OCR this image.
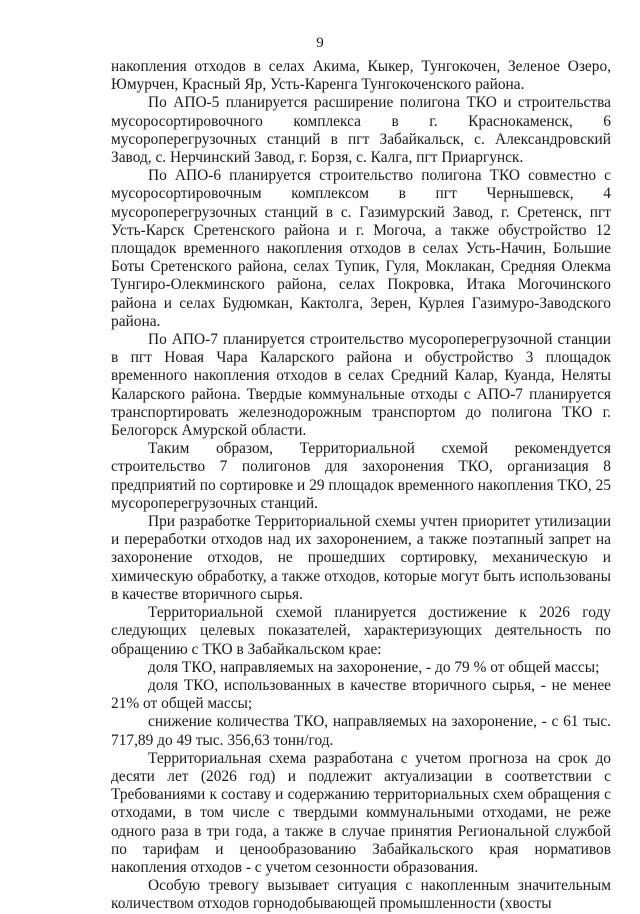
9

накопления отходов в селах Акима, Кыкер, Тунгокочен, Зеленое Озеро, Юмурчен, Красный Яр, Усть-Каренга Тунгокоченского района.

По АПО-5 планируется расширение полигона ТКО и строительства мусоросортировочного комплекса в г. Краснокаменск, 6 мусороперегрузочных станций в пгт Забайкальск, с. Александровский Завод, с. Нерчинский Завод, г. Борзя, с. Калга, пгт Приаргунск.

По АПО-6 планируется строительство полигона ТКО совместно с мусоросортировочным комплексом в пгт Чернышевск, 4 мусороперегрузочных станций в с. Газимурский Завод, г. Сретенск, пгт Усть-Карск Сретенского района и г. Могоча, а также обустройство 12 площадок временного накопления отходов в селах Усть-Начин, Большие Боты Сретенского района, селах Тупик, Гуля, Моклакан, Средняя Олекма Тунгиро-Олекминского района, селах Покровка, Итака Могочинского района и селах Будюмкан, Кактолга, Зерен, Курлея Газимуро-Заводского района.

По АПО-7 планируется строительство мусороперегрузочной станции в пгт Новая Чара Каларского района и обустройство 3 площадок временного накопления отходов в селах Средний Калар, Куанда, Неляты Каларского района. Твердые коммунальные отходы с АПО-7 планируется транспортировать железнодорожным транспортом до полигона ТКО г. Белогорск Амурской области.

Таким образом, Территориальной схемой рекомендуется строительство 7 полигонов для захоронения ТКО, организация 8 предприятий по сортировке и 29 площадок временного накопления ТКО, 25 мусороперегрузочных станций.

При разработке Территориальной схемы учтен приоритет утилизации и переработки отходов над их захоронением, а также поэтапный запрет на захоронение отходов, не прошедших сортировку, механическую и химическую обработку, а также отходов, которые могут быть использованы в качестве вторичного сырья.

Территориальной схемой планируется достижение к 2026 году следующих целевых показателей, характеризующих деятельность по обращению с ТКО в Забайкальском крае:

доля ТКО, направляемых на захоронение, - до 79 % от общей массы;

доля ТКО, использованных в качестве вторичного сырья, - не менее 21% от общей массы;

снижение количества ТКО, направляемых на захоронение, - с 61 тыс. 717,89 до 49 тыс. 356,63 тонн/год.

Территориальная схема разработана с учетом прогноза на срок до десяти лет (2026 год) и подлежит актуализации в соответствии с Требованиями к составу и содержанию территориальных схем обращения с отходами, в том числе с твердыми коммунальными отходами, не реже одного раза в три года, а также в случае принятия Региональной службой по тарифам и ценообразованию Забайкальского края нормативов накопления отходов - с учетом сезонности образования.

Особую тревогу вызывает ситуация с накопленным значительным количеством отходов горнодобывающей промышленности (хвосты
